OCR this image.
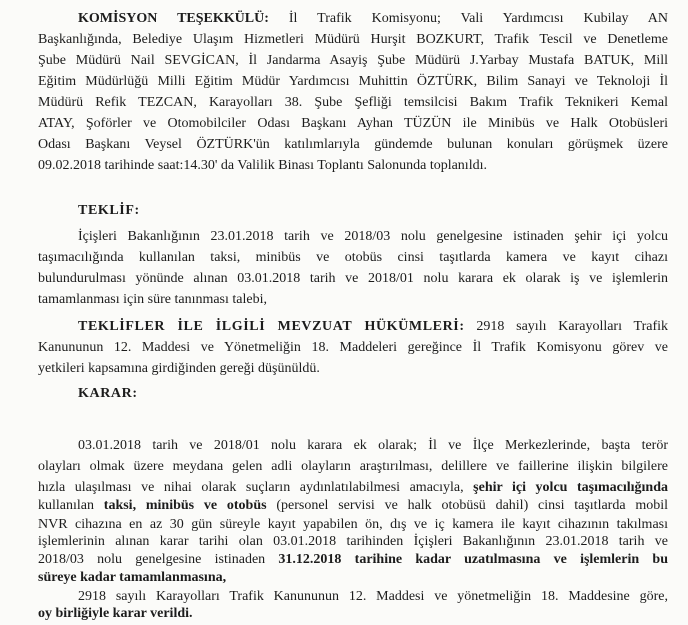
KOMİSYON TEŞEKKÜLÜ: İl Trafik Komisyonu; Vali Yardımcısı Kubilay AN
Başkanlığında, Belediye Ulaşım Hizmetleri Müdürü Hurşit BOZKURT, Trafik Tescil ve Denetleme
Şube Müdürü Nail SEVGİCAN, İl Jandarma Asayiş Şube Müdürü J.Yarbay Mustafa BATUK, Mill
Eğitim Müdürlüğü Milli Eğitim Müdür Yardımcısı Muhittin ÖZTÜRK, Bilim Sanayi ve Teknoloji İl
Müdürü Refik TEZCAN, Karayolları 38. Şube Şefliği temsilcisi Bakım Trafik Teknikeri Kemal
ATAY, Şoförler ve Otomobilciler Odası Başkanı Ayhan TÜZÜN ile Minibüs ve Halk Otobüsleri
Odası Başkanı Veysel ÖZTÜRK'ün katılımlarıyla gündemde bulunan konuları görüşmek üzere
09.02.2018 tarihinde saat:14.30' da Valilik Binası Toplantı Salonunda toplanıldı.
TEKLİF:
İçişleri Bakanlığının 23.01.2018 tarih ve 2018/03 nolu genelgesine istinaden şehir içi yolcu
taşımacılığında kullanılan taksi, minibüs ve otobüs cinsi taşıtlarda kamera ve kayıt cihazı
bulundurulması yönünde alınan 03.01.2018 tarih ve 2018/01 nolu karara ek olarak iş ve işlemlerin
tamamlanması için süre tanınması talebi,
TEKLİFLER İLE İLGİLİ MEVZUAT HÜKÜMLERİ: 2918 sayılı Karayolları Trafik
Kanununun 12. Maddesi ve Yönetmeliğin 18. Maddeleri gereğince İl Trafik Komisyonu görev ve
yetkileri kapsamına girdiğinden gereği düşünüldü.
KARAR:
03.01.2018 tarih ve 2018/01 nolu karara ek olarak; İl ve İlçe Merkezlerinde, başta terör
olayları olmak üzere meydana gelen adli olayların araştırılması, delillere ve faillerine ilişkin bilgilere
hızla ulaşılması ve nihai olarak suçların aydınlatılabilmesi amacıyla, şehir içi yolcu taşımacılığında
kullanılan taksi, minibüs ve otobüs (personel servisi ve halk otobüsü dahil) cinsi taşıtlarda mobil
NVR cihazına en az 30 gün süreyle kayıt yapabilen ön, dış ve iç kamera ile kayıt cihazının takılması
işlemlerinin alınan karar tarihi olan 03.01.2018 tarihinden İçişleri Bakanlığının 23.01.2018 tarih ve
2018/03 nolu genelgesine istinaden 31.12.2018 tarihine kadar uzatılmasına ve işlemlerin bu
süreye kadar tamamlanmasına,
2918 sayılı Karayolları Trafik Kanununun 12. Maddesi ve yönetmeliğin 18. Maddesine göre,
oy birliğiyle karar verildi.
